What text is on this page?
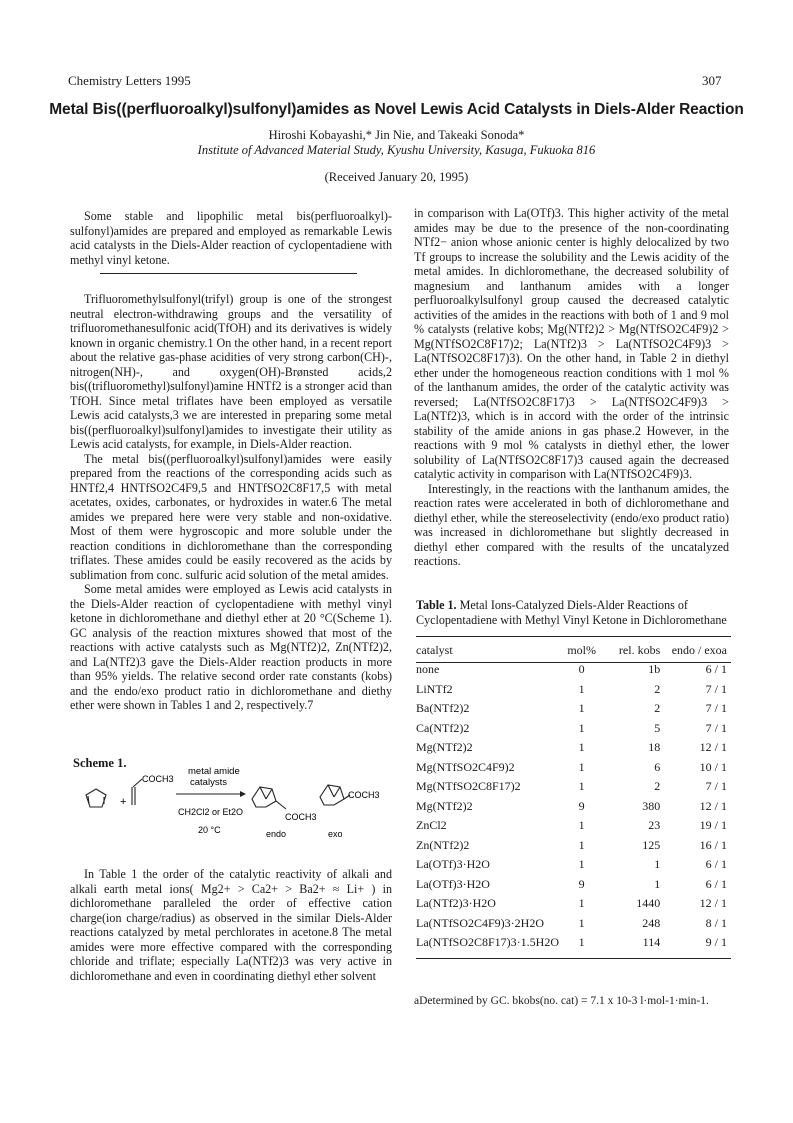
Chemistry Letters 1995	307
Metal Bis((perfluoroalkyl)sulfonyl)amides as Novel Lewis Acid Catalysts in Diels-Alder Reaction
Hiroshi Kobayashi,* Jin Nie, and Takeaki Sonoda*
Institute of Advanced Material Study, Kyushu University, Kasuga, Fukuoka 816
(Received January 20, 1995)

Some stable and lipophilic metal bis(perfluoroalkyl)-sulfonyl)amides are prepared and employed as remarkable Lewis acid catalysts in the Diels-Alder reaction of cyclopentadiene with methyl vinyl ketone.

Trifluoromethylsulfonyl(trifyl) group is one of the strongest neutral electron-withdrawing groups and the versatility of trifluoromethanesulfonic acid(TfOH) and its derivatives is widely known in organic chemistry.1 On the other hand, in a recent report about the relative gas-phase acidities of very strong carbon(CH)-, nitrogen(NH)-, and oxygen(OH)-Brønsted acids,2 bis((trifluoromethyl)sulfonyl)amine HNTf2 is a stronger acid than TfOH. Since metal triflates have been employed as versatile Lewis acid catalysts,3 we are interested in preparing some metal bis((perfluoroalkyl)sulfonyl)amides to investigate their utility as Lewis acid catalysts, for example, in Diels-Alder reaction.

The metal bis((perfluoroalkyl)sulfonyl)amides were easily prepared from the reactions of the corresponding acids such as HNTf2,4 HNTfSO2C4F9,5 and HNTfSO2C8F17,5 with metal acetates, oxides, carbonates, or hydroxides in water.6 The metal amides we prepared here were very stable and non-oxidative. Most of them were hygroscopic and more soluble under the reaction conditions in dichloromethane than the corresponding triflates. These amides could be easily recovered as the acids by sublimation from conc. sulfuric acid solution of the metal amides.

Some metal amides were employed as Lewis acid catalysts in the Diels-Alder reaction of cyclopentadiene with methyl vinyl ketone in dichloromethane and diethyl ether at 20 °C(Scheme 1). GC analysis of the reaction mixtures showed that most of the reactions with active catalysts such as Mg(NTf2)2, Zn(NTf2)2, and La(NTf2)3 gave the Diels-Alder reaction products in more than 95% yields. The relative second order rate constants (kobs) and the endo/exo product ratio in dichloromethane and diethy ether were shown in Tables 1 and 2, respectively.7

Scheme 1.
+
COCH3
metal amide
catalysts
CH2Cl2 or Et2O
20 °C	endo
COCH3
COCH3
exo

In Table 1 the order of the catalytic reactivity of alkali and alkali earth metal ions( Mg2+ > Ca2+ > Ba2+ ≈ Li+ ) in dichloromethane paralleled the order of effective cation charge(ion charge/radius) as observed in the similar Diels-Alder reactions catalyzed by metal perchlorates in acetone.8 The metal amides were more effective compared with the corresponding chloride and triflate; especially La(NTf2)3 was very active in dichloromethane and even in coordinating diethyl ether solvent

in comparison with La(OTf)3. This higher activity of the metal amides may be due to the presence of the non-coordinating NTf2− anion whose anionic center is highly delocalized by two Tf groups to increase the solubility and the Lewis acidity of the metal amides. In dichloromethane, the decreased solubility of magnesium and lanthanum amides with a longer perfluoroalkylsulfonyl group caused the decreased catalytic activities of the amides in the reactions with both of 1 and 9 mol % catalysts (relative kobs; Mg(NTf2)2 > Mg(NTfSO2C4F9)2 > Mg(NTfSO2C8F17)2; La(NTf2)3 > La(NTfSO2C4F9)3 > La(NTfSO2C8F17)3). On the other hand, in Table 2 in diethyl ether under the homogeneous reaction conditions with 1 mol % of the lanthanum amides, the order of the catalytic activity was reversed; La(NTfSO2C8F17)3 > La(NTfSO2C4F9)3 > La(NTf2)3, which is in accord with the order of the intrinsic stability of the amide anions in gas phase.2 However, in the reactions with 9 mol % catalysts in diethyl ether, the lower solubility of La(NTfSO2C8F17)3 caused again the decreased catalytic activity in comparison with La(NTfSO2C4F9)3.

Interestingly, in the reactions with the lanthanum amides, the reaction rates were accelerated in both of dichloromethane and diethyl ether, while the stereoselectivity (endo/exo product ratio) was increased in dichloromethane but slightly decreased in diethyl ether compared with the results of the uncatalyzed reactions.

Table 1. Metal Ions-Catalyzed Diels-Alder Reactions of Cyclopentadiene with Methyl Vinyl Ketone in Dichloromethane
catalyst	mol%	rel. kobs	endo / exoa
none	0	1b	6 / 1
LiNTf2	1	2	7 / 1
Ba(NTf2)2	1	2	7 / 1
Ca(NTf2)2	1	5	7 / 1
Mg(NTf2)2	1	18	12 / 1
Mg(NTfSO2C4F9)2	1	6	10 / 1
Mg(NTfSO2C8F17)2	1	2	7 / 1
Mg(NTf2)2	9	380	12 / 1
ZnCl2	1	23	19 / 1
Zn(NTf2)2	1	125	16 / 1
La(OTf)3·H2O	1	1	6 / 1
La(OTf)3·H2O	9	1	6 / 1
La(NTf2)3·H2O	1	1440	12 / 1
La(NTfSO2C4F9)3·2H2O	1	248	8 / 1
La(NTfSO2C8F17)3·1.5H2O	1	114	9 / 1
aDetermined by GC. bkobs(no. cat) = 7.1 x 10-3 l·mol-1·min-1.
